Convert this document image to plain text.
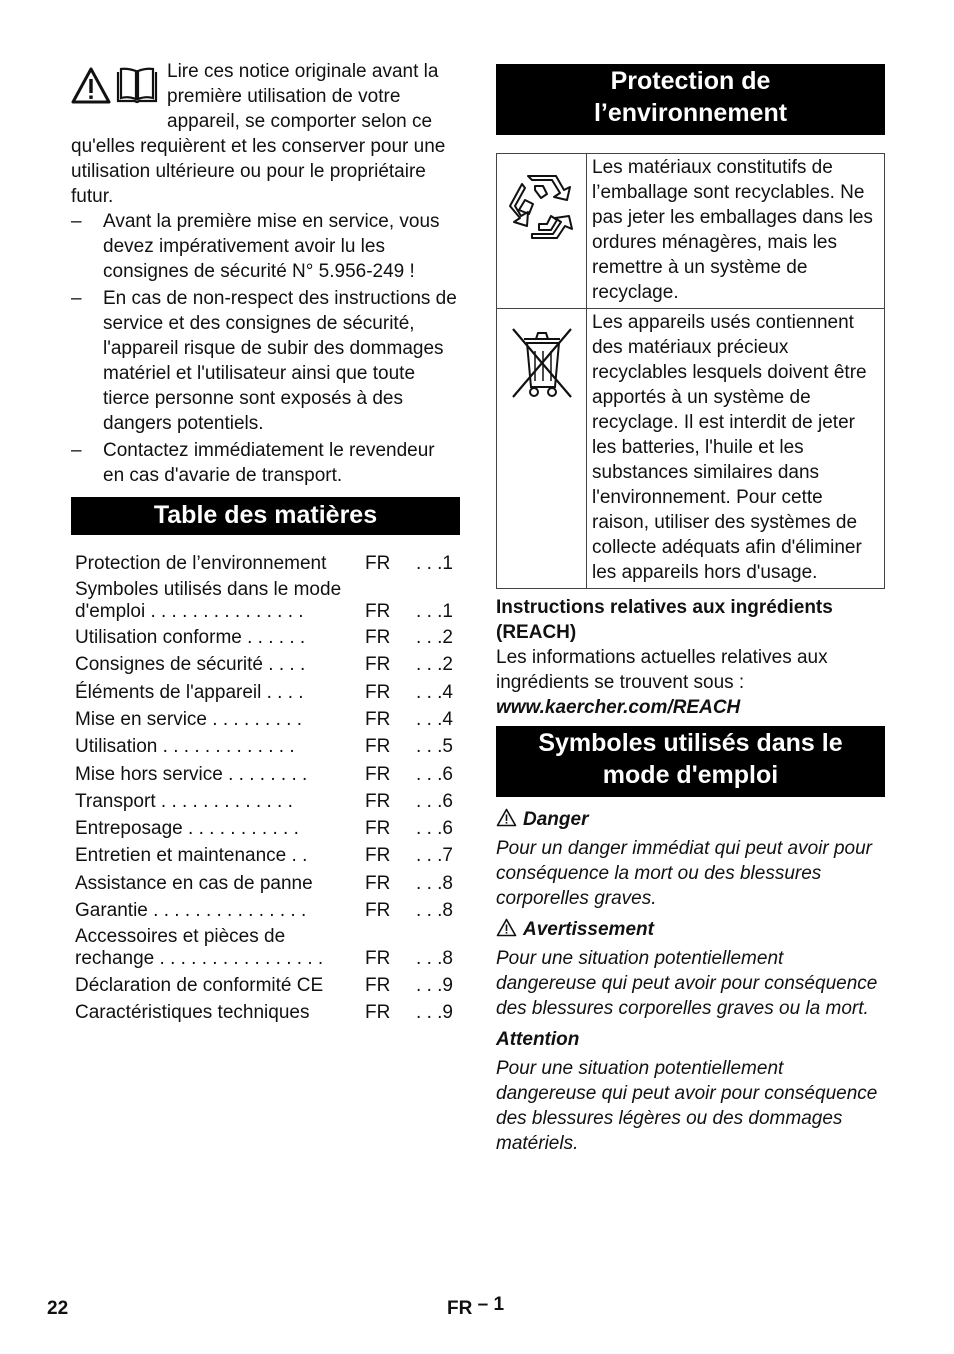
Lire ces notice originale avant la première utilisation de votre appareil, se comporter selon ce qu'elles requièrent et les conserver pour une utilisation ultérieure ou pour le propriétaire futur.

– Avant la première mise en service, vous devez impérativement avoir lu les consignes de sécurité N° 5.956-249 !
– En cas de non-respect des instructions de service et des consignes de sécurité, l'appareil risque de subir des dommages matériel et l'utilisateur ainsi que toute tierce personne sont exposés à des dangers potentiels.
– Contactez immédiatement le revendeur en cas d'avarie de transport.
Table des matières
Protection de l’environnement	FR . . .1
Symboles utilisés dans le mode d'emploi . . . . . . . . . . . . . . .	FR . . .1
Utilisation conforme . . . . . .	FR . . .2
Consignes de sécurité . . . .	FR . . .2
Éléments de l'appareil . . . .	FR . . .4
Mise en service . . . . . . . . .	FR . . .4
Utilisation . . . . . . . . . . . . .	FR . . .5
Mise hors service . . . . . . . .	FR . . .6
Transport . . . . . . . . . . . . .	FR . . .6
Entreposage . . . . . . . . . . .	FR . . .6
Entretien et maintenance . .	FR . . .7
Assistance en cas de panne	FR . . .8
Garantie . . . . . . . . . . . . . . .	FR . . .8
Accessoires et pièces de rechange . . . . . . . . . . . . . . . .	FR . . .8
Déclaration de conformité CE	FR . . .9
Caractéristiques techniques	FR . . .9
Protection de l’environnement

Les matériaux constitutifs de l’emballage sont recyclables. Ne pas jeter les emballages dans les ordures ménagères, mais les remettre à un système de recyclage.

Les appareils usés contiennent des matériaux précieux recyclables lesquels doivent être apportés à un système de recyclage. Il est interdit de jeter les batteries, l'huile et les substances similaires dans l'environnement. Pour cette raison, utiliser des systèmes de collecte adéquats afin d'éliminer les appareils hors d'usage.

Instructions relatives aux ingrédients (REACH)

Les informations actuelles relatives aux ingrédients se trouvent sous :

www.kaercher.com/REACH

Symboles utilisés dans le mode d'emploi

Danger

Pour un danger immédiat qui peut avoir pour conséquence la mort ou des blessures corporelles graves.

Avertissement

Pour une situation potentiellement dangereuse qui peut avoir pour conséquence des blessures corporelles graves ou la mort.

Attention

Pour une situation potentiellement dangereuse qui peut avoir pour conséquence des blessures légères ou des dommages matériels.

22	FR – 1
